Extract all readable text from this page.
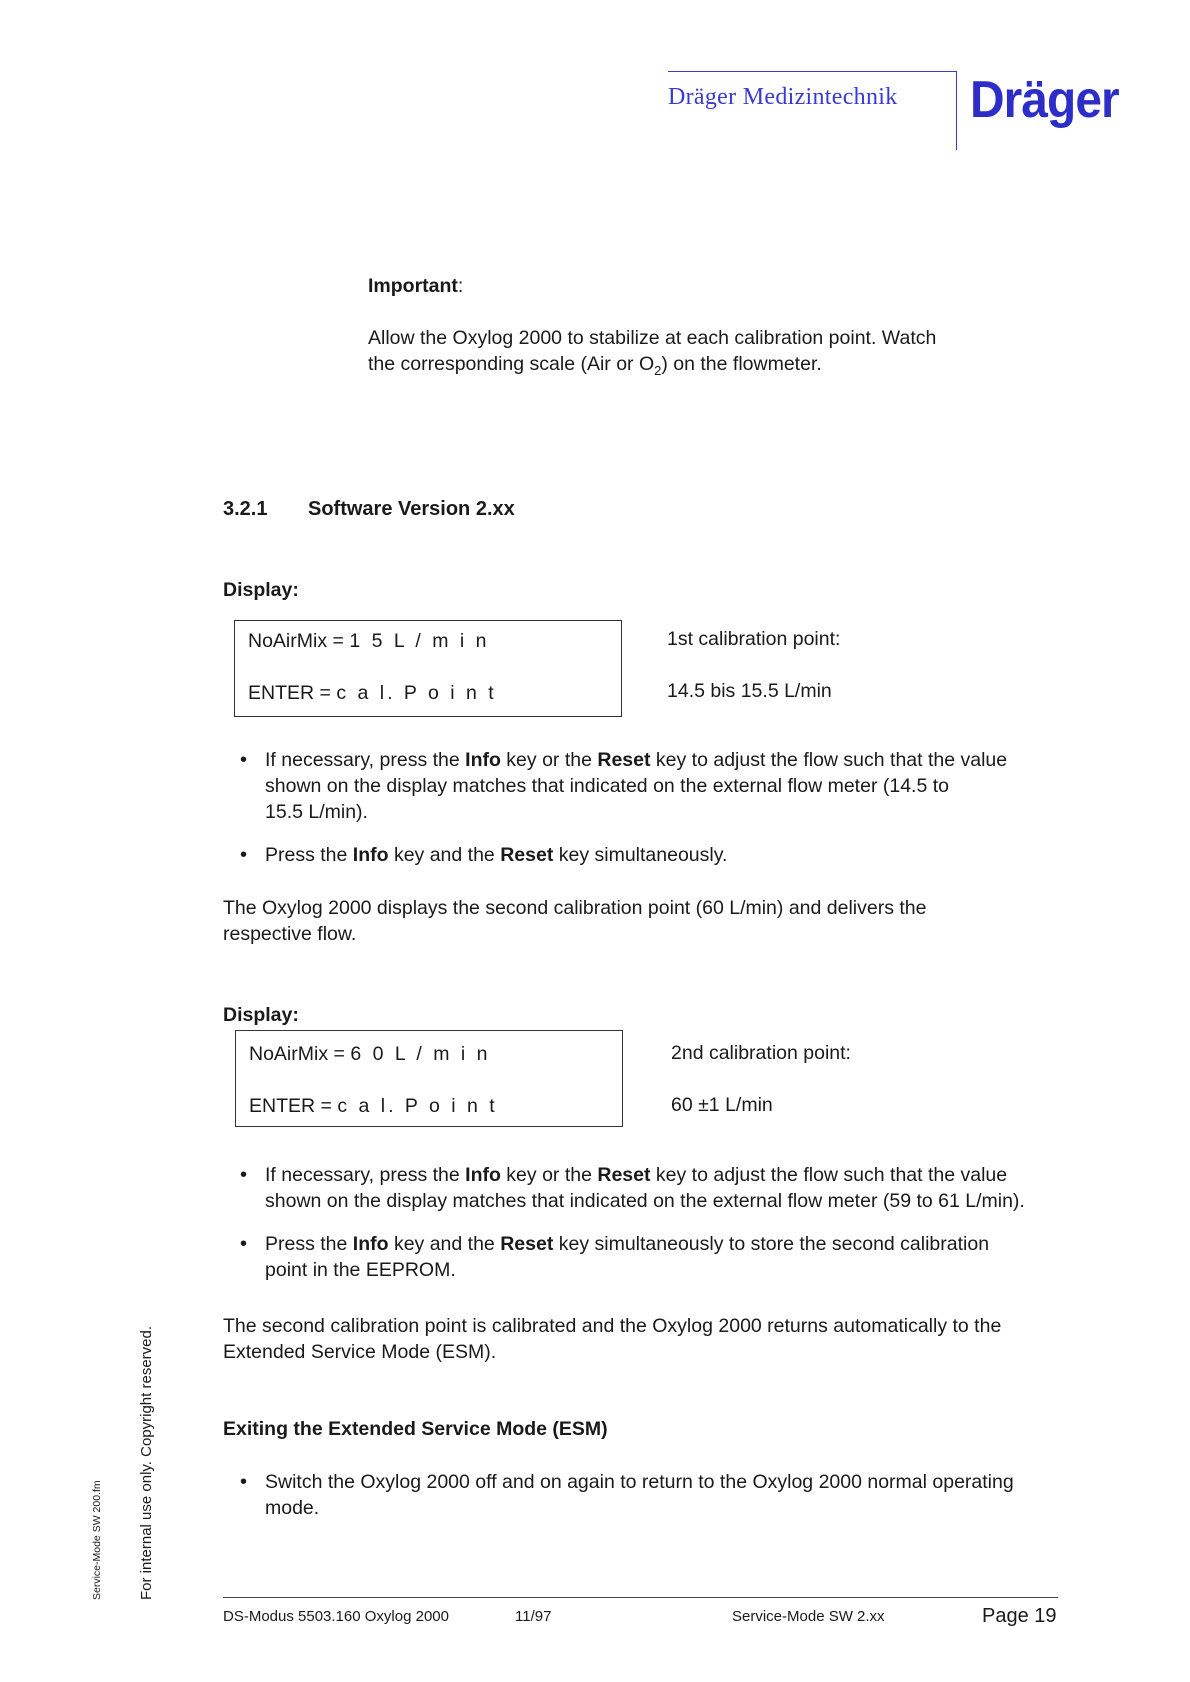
Dräger Medizintechnik Dräger
Important:
Allow the Oxylog 2000 to stabilize at each calibration point. Watch
the corresponding scale (Air or $O_2$) on the flowmeter.
3.2.1 Software Version 2.xx
Display:
NoAirMix = 1 5 L / m i n
ENTER = c a l. P o i n t
1st calibration point:
14.5 bis 15.5 L/min
• If necessary, press the Info key or the Reset key to adjust the flow such that the value
shown on the display matches that indicated on the external flow meter (14.5 to
15.5 L/min).
• Press the Info key and the Reset key simultaneously.
The Oxylog 2000 displays the second calibration point (60 L/min) and delivers the
respective flow.
Display:
NoAirMix = 6 0 L / m i n
ENTER = c a l. P o i n t
2nd calibration point:
60 ±1 L/min
• If necessary, press the Info key or the Reset key to adjust the flow such that the value
shown on the display matches that indicated on the external flow meter (59 to 61 L/min).
• Press the Info key and the Reset key simultaneously to store the second calibration
point in the EEPROM.
The second calibration point is calibrated and the Oxylog 2000 returns automatically to the
Extended Service Mode (ESM).
Exiting the Extended Service Mode (ESM)
• Switch the Oxylog 2000 off and on again to return to the Oxylog 2000 normal operating
mode.
DS-Modus 5503.160 Oxylog 2000	11/97	Service-Mode SW 2.xx	Page 19
For internal use only. Copyright reserved.
Service-Mode SW 200.fm
